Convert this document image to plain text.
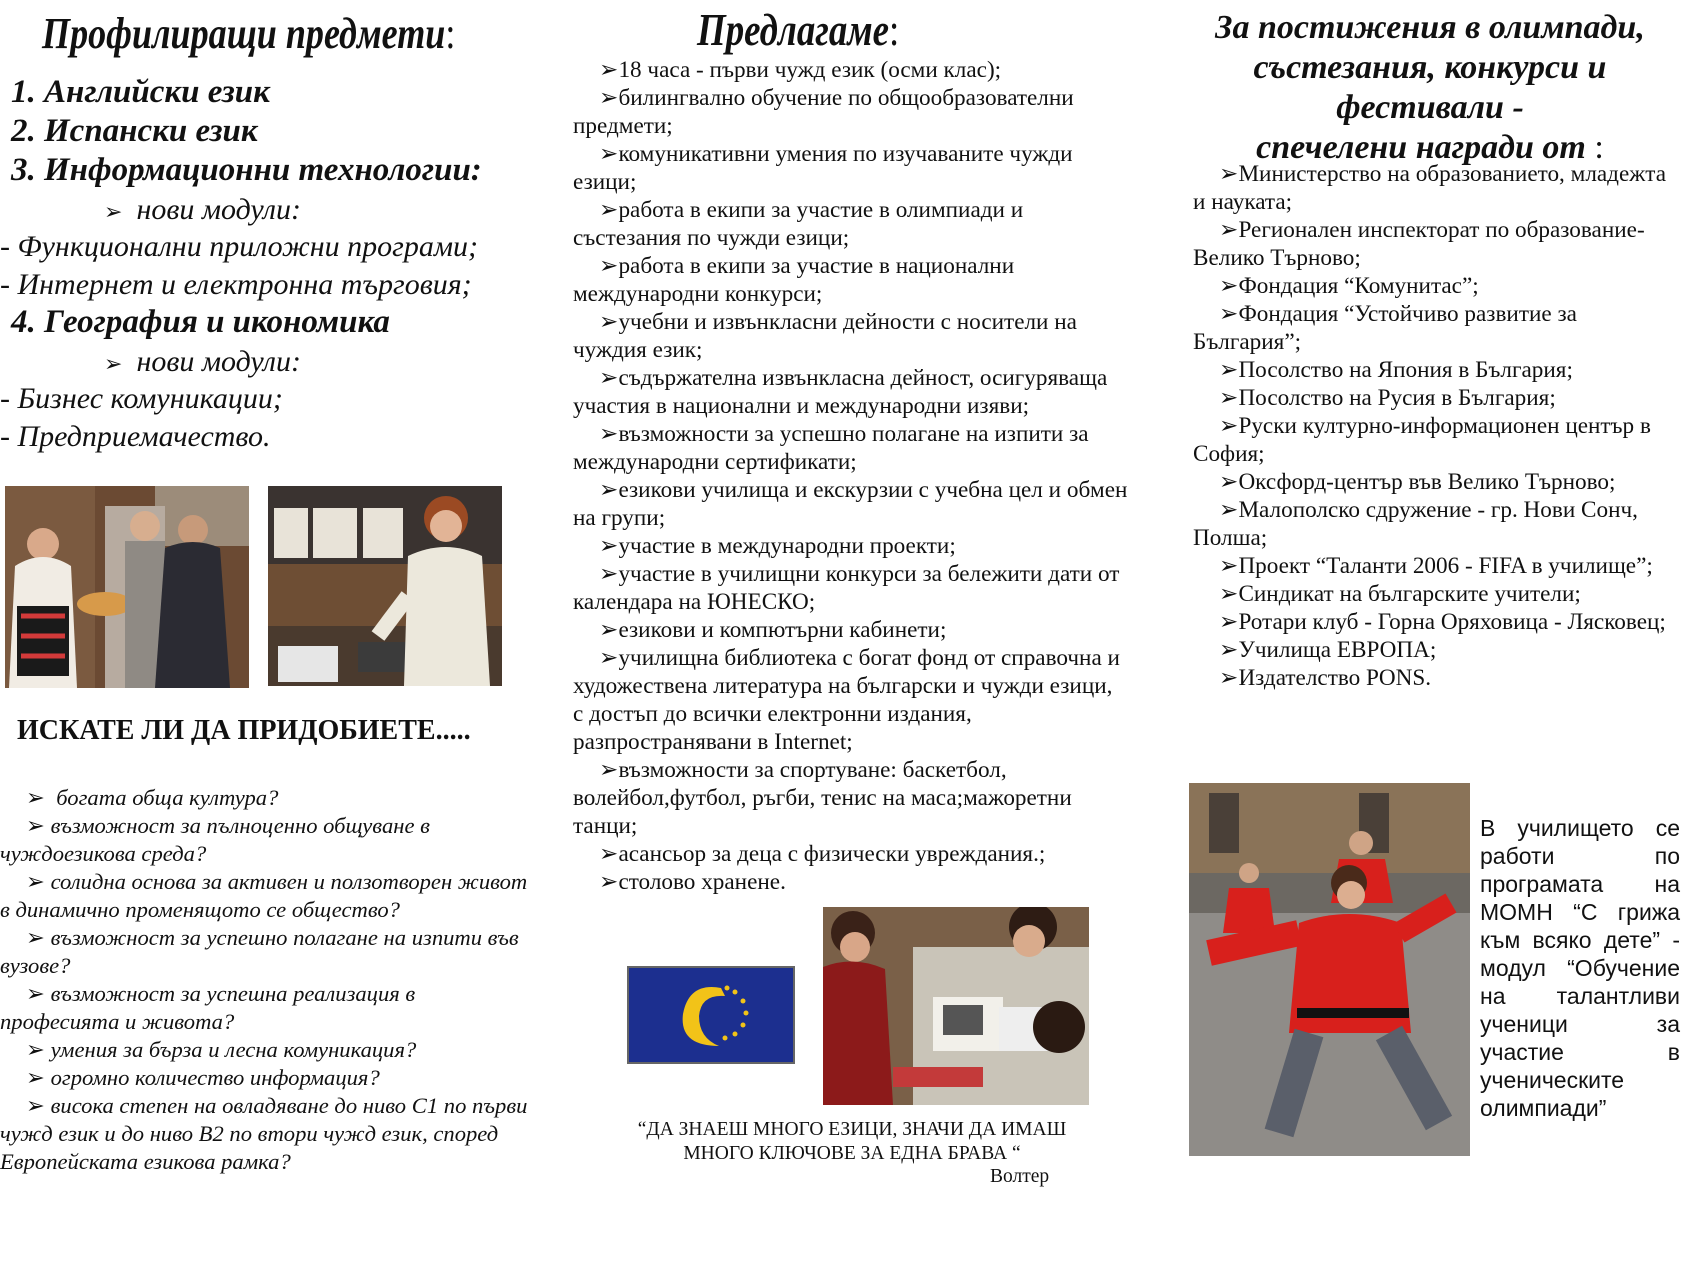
Профилиращи предмети:
1. Английски език
2. Испански език
3. Информационни технологии:
➢ нови модули:
- Функционални приложни програми;
- Интернет и електронна търговия;
4. География и икономика
➢ нови модули:
- Бизнес комуникации;
- Предприемачество.
ИСКАТЕ ЛИ ДА ПРИДОБИЕТЕ.....
➢ богата обща култура?
➢ възможност за пълноценно общуване в чуждоезикова среда?
➢ солидна основа за активен и ползотворен живот в динамично променящото се общество?
➢ възможност за успешно полагане на изпити във вузове?
➢ възможност за успешна реализация в професията и живота?
➢ умения за бърза и лесна комуникация?
➢ огромно количество информация?
➢ висока степен на овладяване до ниво С1 по първи чужд език и до ниво В2 по втори чужд език, според Европейската езикова рамка?
Предлагаме:
➢18 часа - първи чужд език (осми клас);
➢билингвално обучение по общообразователни предмети;
➢комуникативни умения по изучаваните чужди езици;
➢работа в екипи за участие в олимпиади и състезания по чужди езици;
➢работа в екипи за участие в национални международни конкурси;
➢учебни и извънкласни дейности с носители на чуждия език;
➢съдържателна извънкласна дейност, осигуряваща участия в национални и международни изяви;
➢възможности за успешно полагане на изпити за международни сертификати;
➢езикови училища и екскурзии с учебна цел и обмен на групи;
➢участие в международни проекти;
➢участие в училищни конкурси за бележити дати от календара на ЮНЕСКО;
➢езикови и компютърни кабинети;
➢училищна библиотека с богат фонд от справочна и художествена литература на български и чужди езици, с достъп до всички електронни издания, разпространявани в Internet;
➢възможности за спортуване: баскетбол, волейбол,футбол, ръгби, тенис на маса;мажоретни танци;
➢асансьор за деца с физически увреждания.;
➢столово хранене.
“ДА ЗНАЕШ МНОГО ЕЗИЦИ, ЗНАЧИ ДА ИМАШ
МНОГО КЛЮЧОВЕ ЗА ЕДНА БРАВА “
Волтер
За постижения в олимпади,
състезания, конкурси и фестивали -
спечелени награди от :
➢Министерство на образованието, младежта и науката;
➢Регионален инспекторат по образование- Велико Търново;
➢Фондация “Комунитас”;
➢Фондация “Устойчиво развитие за България”;
➢Посолство на Япония в България;
➢Посолство на Русия в България;
➢Руски културно-информационен център в София;
➢Оксфорд-център във Велико Търново;
➢Малополско сдружение - гр. Нови Сонч, Полша;
➢Проект “Таланти 2006 - FIFA в училище”;
➢Синдикат на българските учители;
➢Ротари клуб - Горна Оряховица - Лясковец;
➢Училища ЕВРОПА;
➢Издателство PONS.
В училището се работи по програмата на МОМН “С грижа към всяко дете” - модул “Обучение на талантливи ученици за участие в ученическите олимпиади”
